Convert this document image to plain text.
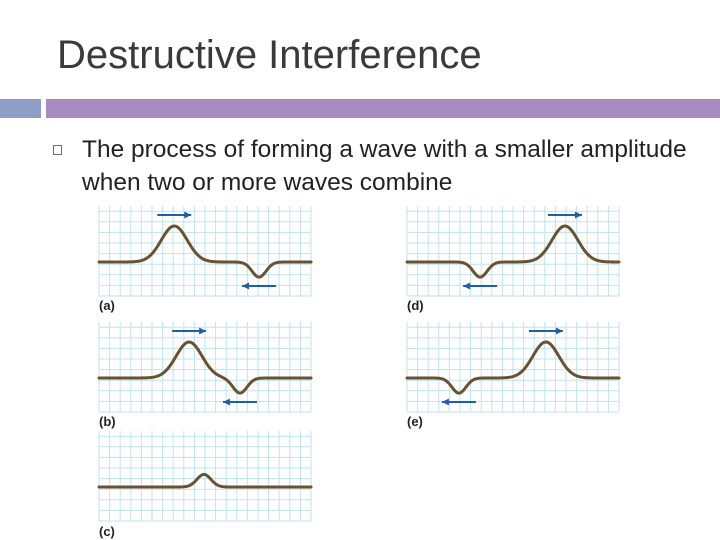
Destructive Interference
The process of forming a wave with a smaller amplitude when two or more waves combine
(a)
(b)
(c)
(d)
(e)
